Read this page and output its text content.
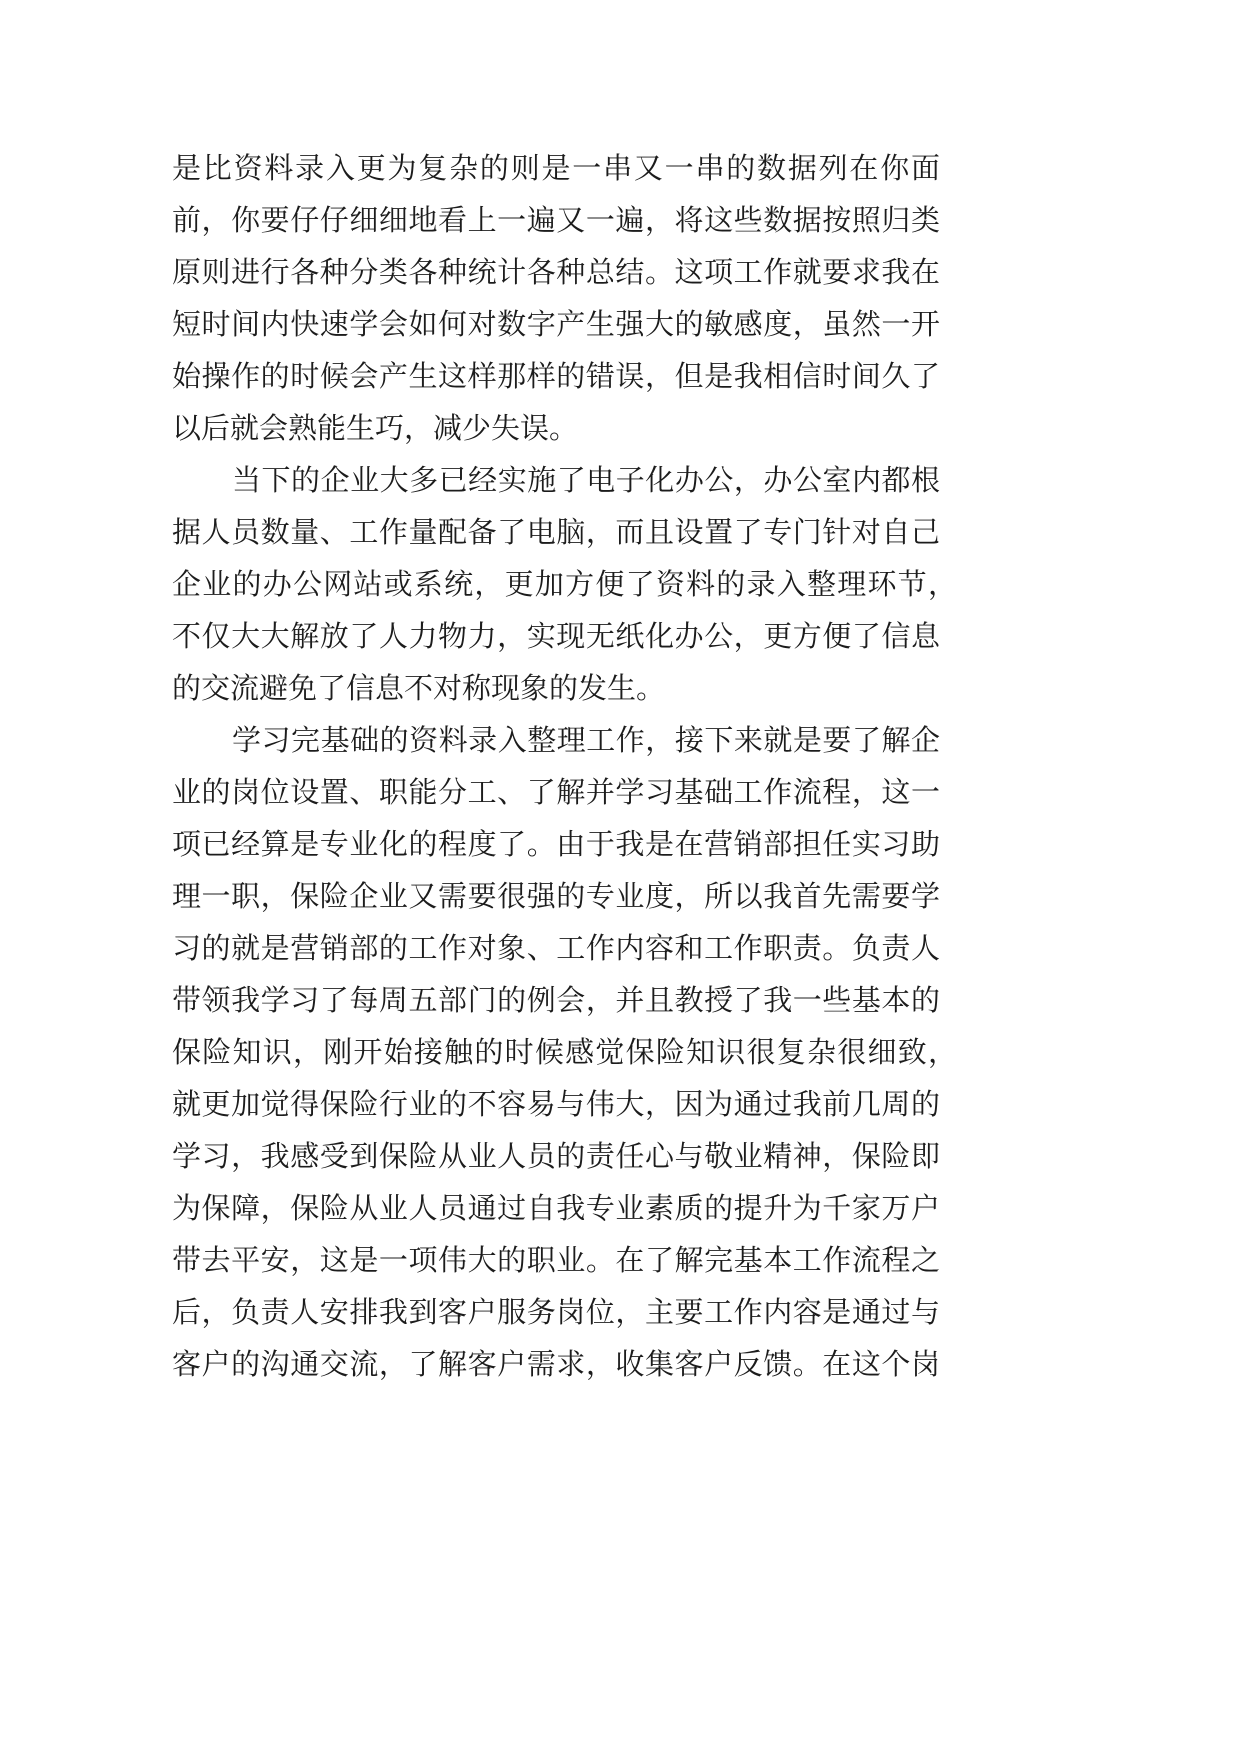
是比资料录入更为复杂的则是一串又一串的数据列在你面
前，你要仔仔细细地看上一遍又一遍，将这些数据按照归类
原则进行各种分类各种统计各种总结。这项工作就要求我在
短时间内快速学会如何对数字产生强大的敏感度，虽然一开
始操作的时候会产生这样那样的错误，但是我相信时间久了
以后就会熟能生巧，减少失误。
当下的企业大多已经实施了电子化办公，办公室内都根
据人员数量、工作量配备了电脑，而且设置了专门针对自己
企业的办公网站或系统，更加方便了资料的录入整理环节，
不仅大大解放了人力物力，实现无纸化办公，更方便了信息
的交流避免了信息不对称现象的发生。
学习完基础的资料录入整理工作，接下来就是要了解企
业的岗位设置、职能分工、了解并学习基础工作流程，这一
项已经算是专业化的程度了。由于我是在营销部担任实习助
理一职，保险企业又需要很强的专业度，所以我首先需要学
习的就是营销部的工作对象、工作内容和工作职责。负责人
带领我学习了每周五部门的例会，并且教授了我一些基本的
保险知识，刚开始接触的时候感觉保险知识很复杂很细致，
就更加觉得保险行业的不容易与伟大，因为通过我前几周的
学习，我感受到保险从业人员的责任心与敬业精神，保险即
为保障，保险从业人员通过自我专业素质的提升为千家万户
带去平安，这是一项伟大的职业。在了解完基本工作流程之
后，负责人安排我到客户服务岗位，主要工作内容是通过与
客户的沟通交流，了解客户需求，收集客户反馈。在这个岗
